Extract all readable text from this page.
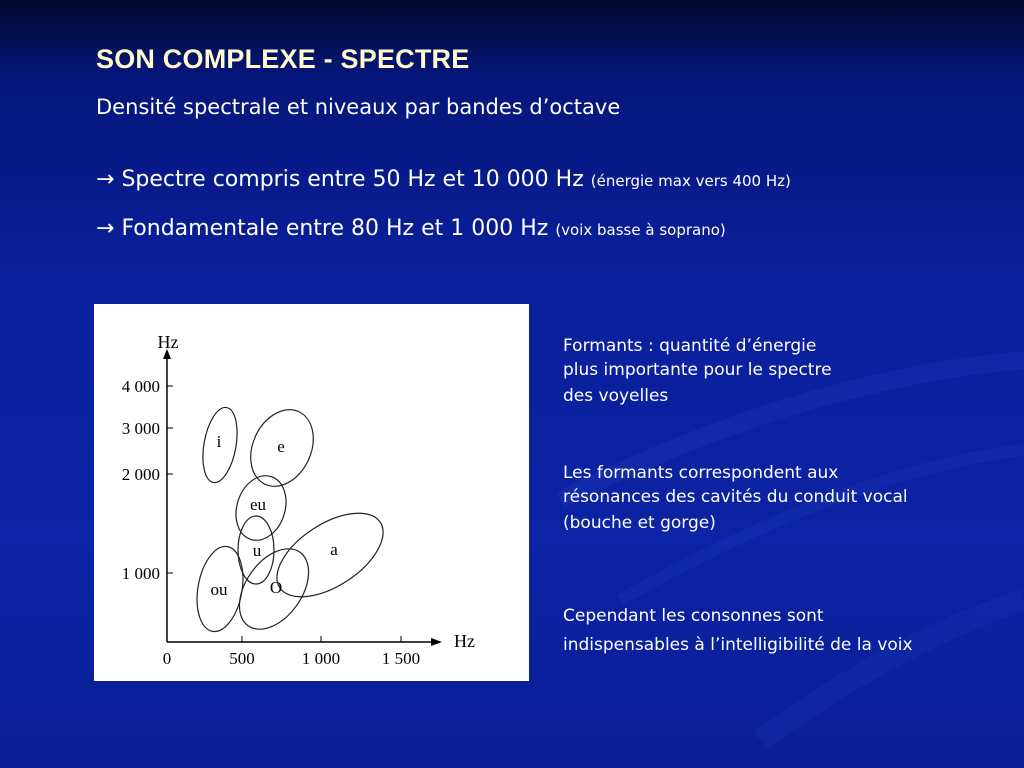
SON COMPLEXE - SPECTRE
Densité spectrale et niveaux par bandes d’octave
→ Spectre compris entre 50 Hz et 10 000 Hz (énergie max vers 400 Hz)
→ Fondamentale entre 80 Hz et 1 000 Hz (voix basse à soprano)
Hz
Hz
1 000
2 000
3 000
4 000
0	500	1 000 1 500
i	e
eu
u	a
ou O
Formants : quantité d’énergie
plus importante pour le spectre
des voyelles
Les formants correspondent aux
résonances des cavités du conduit vocal
(bouche et gorge)
Cependant les consonnes sont
indispensables à l’intelligibilité de la voix
